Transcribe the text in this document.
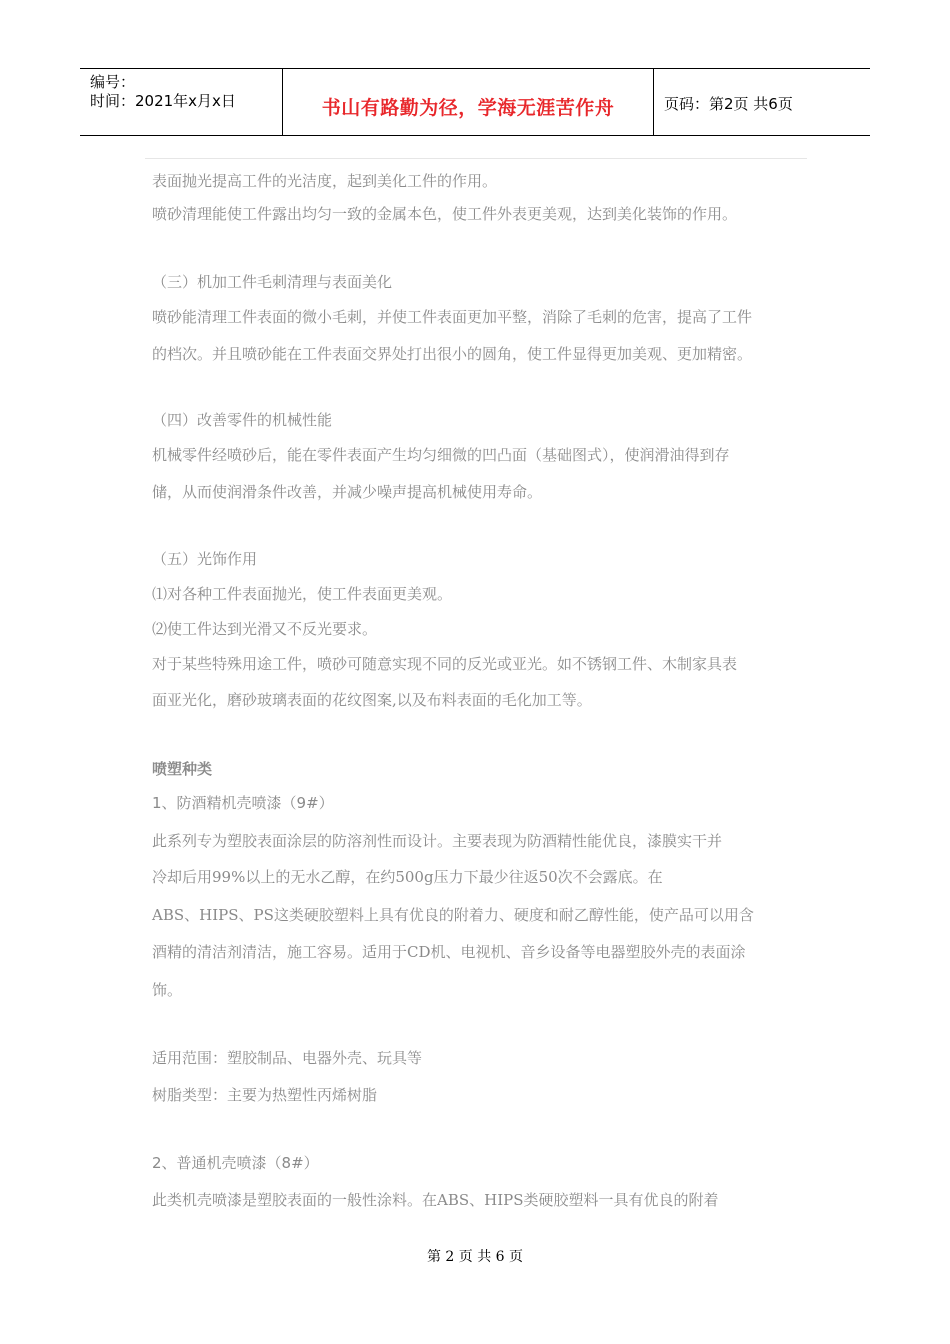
编号：
时间：2021年x月x日	书山有路勤为径，学海无涯苦作舟	页码：第2页 共6页
表面抛光提高工件的光洁度，起到美化工件的作用。
喷砂清理能使工件露出均匀一致的金属本色，使工件外表更美观，达到美化装饰的作用。
（三）机加工件毛刺清理与表面美化
喷砂能清理工件表面的微小毛刺，并使工件表面更加平整，消除了毛刺的危害，提高了工件
的档次。并且喷砂能在工件表面交界处打出很小的圆角，使工件显得更加美观、更加精密。
（四）改善零件的机械性能
机械零件经喷砂后，能在零件表面产生均匀细微的凹凸面（基础图式），使润滑油得到存
储，从而使润滑条件改善，并减少噪声提高机械使用寿命。
（五）光饰作用
⑴对各种工件表面抛光，使工件表面更美观。
⑵使工件达到光滑又不反光要求。
对于某些特殊用途工件，喷砂可随意实现不同的反光或亚光。如不锈钢工件、木制家具表
面亚光化，磨砂玻璃表面的花纹图案,以及布料表面的毛化加工等。
喷塑种类
1、防酒精机壳喷漆（9#）
此系列专为塑胶表面涂层的防溶剂性而设计。主要表现为防酒精性能优良，漆膜实干并
冷却后用99%以上的无水乙醇，在约500g压力下最少往返50次不会露底。在
ABS、HIPS、PS这类硬胶塑料上具有优良的附着力、硬度和耐乙醇性能，使产品可以用含
酒精的清洁剂清洁，施工容易。适用于CD机、电视机、音乡设备等电器塑胶外壳的表面涂
饰。
适用范围：塑胶制品、电器外壳、玩具等
树脂类型：主要为热塑性丙烯树脂
2、普通机壳喷漆（8#）
此类机壳喷漆是塑胶表面的一般性涂料。在ABS、HIPS类硬胶塑料一具有优良的附着
第 2 页 共 6 页
